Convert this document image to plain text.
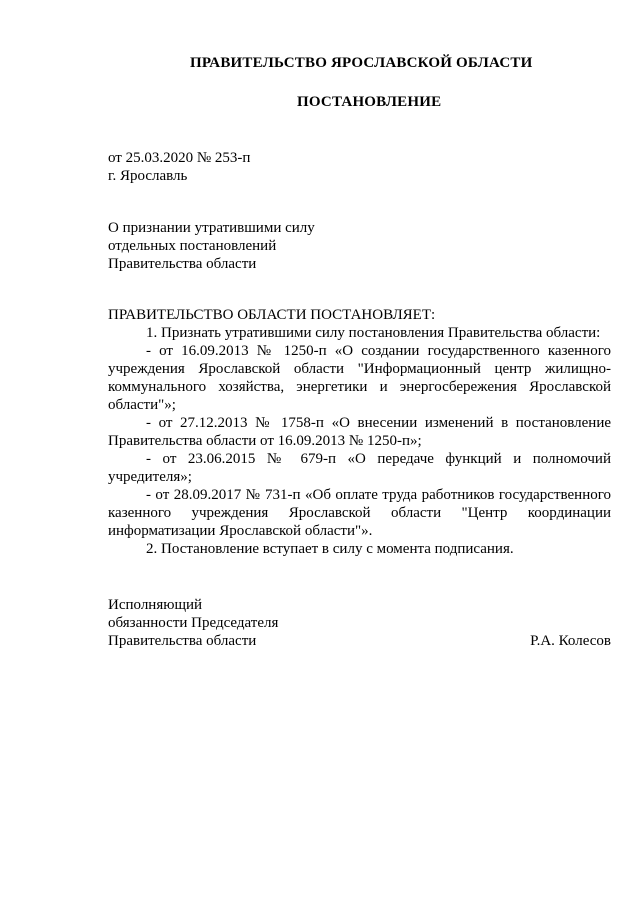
ПРАВИТЕЛЬСТВО ЯРОСЛАВСКОЙ ОБЛАСТИ
ПОСТАНОВЛЕНИЕ
от 25.03.2020 № 253-п
г. Ярославль
О признании утратившими силу
отдельных постановлений
Правительства области

ПРАВИТЕЛЬСТВО ОБЛАСТИ ПОСТАНОВЛЯЕТ:

1. Признать утратившими силу постановления Правительства области:

- от 16.09.2013 № 1250-п «О создании государственного казенного учреждения Ярославской области "Информационный центр жилищно-коммунального хозяйства, энергетики и энергосбережения Ярославской области"»;

- от 27.12.2013 № 1758-п «О внесении изменений в постановление Правительства области от 16.09.2013 № 1250-п»;

- от 23.06.2015 № 679-п «О передаче функций и полномочий учредителя»;

- от 28.09.2017 № 731-п «Об оплате труда работников государственного казенного учреждения Ярославской области "Центр координации информатизации Ярославской области"».

2. Постановление вступает в силу с момента подписания.

Исполняющий
обязанности Председателя
Правительства области	Р.А. Колесов
